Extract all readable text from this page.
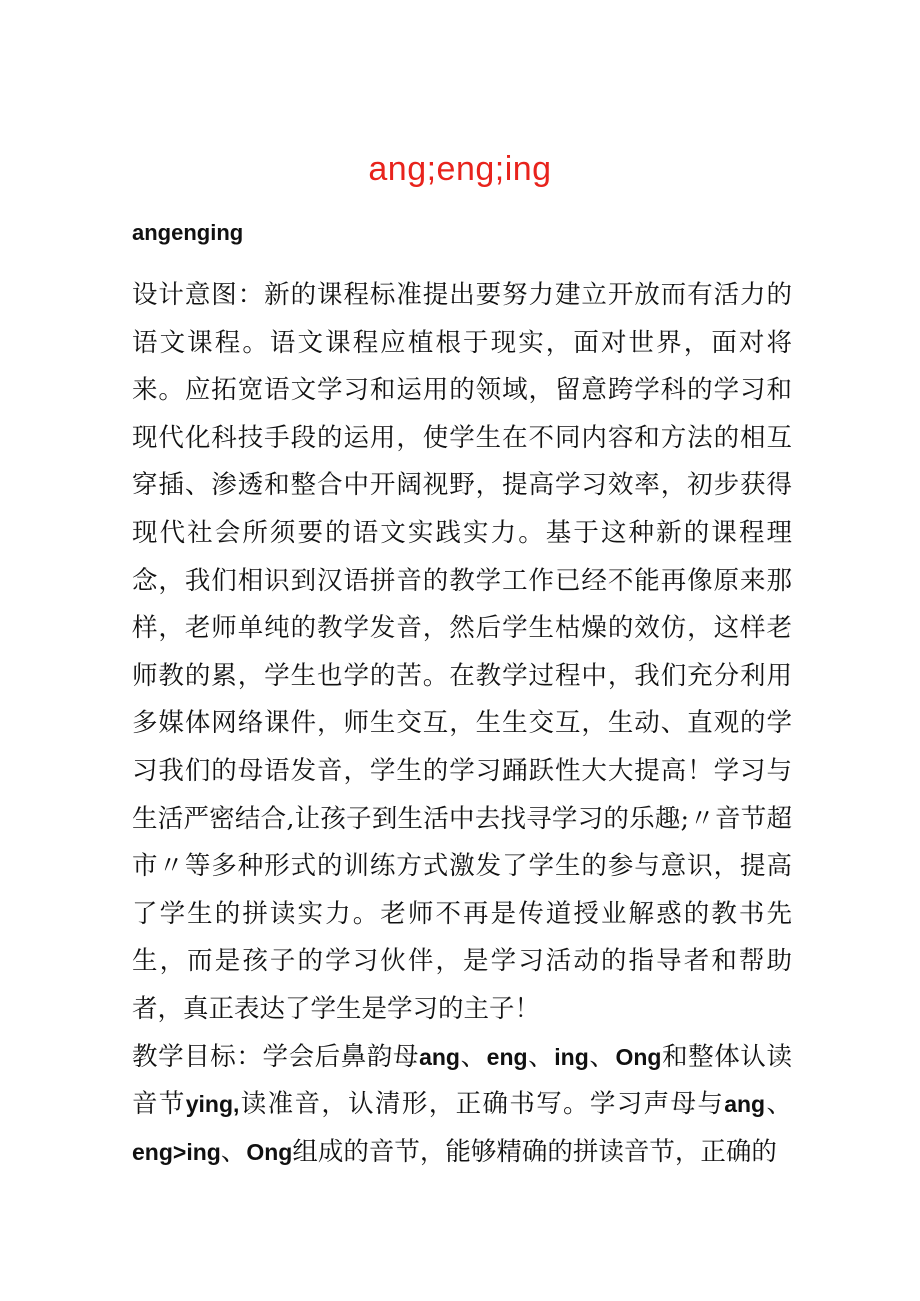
ang;eng;ing
angenging

设计意图：新的课程标准提出要努力建立开放而有活力的语文课程。语文课程应植根于现实，面对世界，面对将来。应拓宽语文学习和运用的领域，留意跨学科的学习和现代化科技手段的运用，使学生在不同内容和方法的相互穿插、渗透和整合中开阔视野，提高学习效率，初步获得现代社会所须要的语文实践实力。基于这种新的课程理念，我们相识到汉语拼音的教学工作已经不能再像原来那样，老师单纯的教学发音，然后学生枯燥的效仿，这样老师教的累，学生也学的苦。在教学过程中，我们充分利用多媒体网络课件，师生交互，生生交互，生动、直观的学习我们的母语发音，学生的学习踊跃性大大提高！学习与生活严密结合,让孩子到生活中去找寻学习的乐趣;〃音节超市〃等多种形式的训练方式激发了学生的参与意识，提高了学生的拼读实力。老师不再是传道授业解惑的教书先生，而是孩子的学习伙伴，是学习活动的指导者和帮助者，真正表达了学生是学习的主子！

教学目标：学会后鼻韵母ang、eng、ing、Ong和整体认读音节ying,读准音，认清形，正确书写。学习声母与ang、eng>ing、Ong组成的音节，能够精确的拼读音节，正确的
